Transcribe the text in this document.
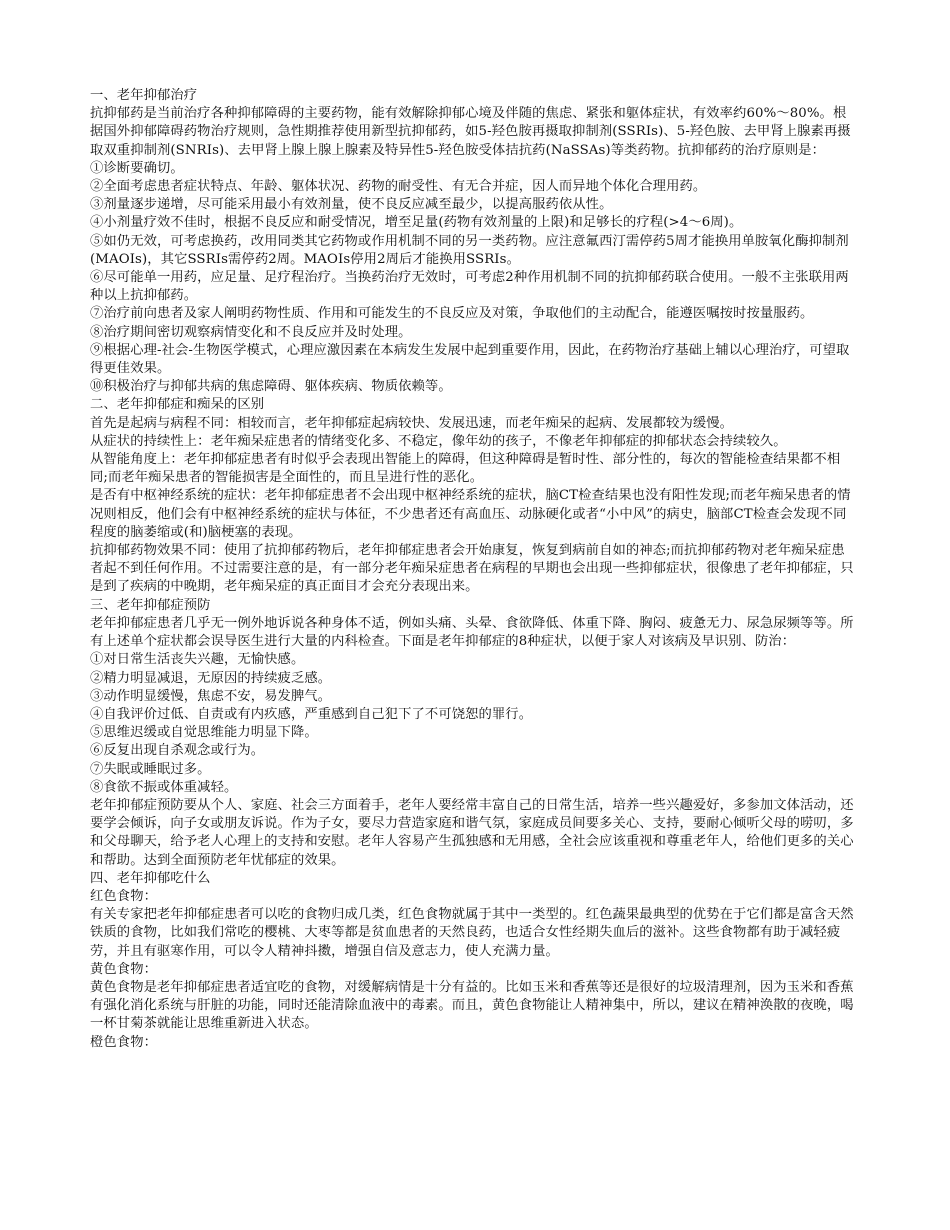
一、老年抑郁治疗

抗抑郁药是当前治疗各种抑郁障碍的主要药物，能有效解除抑郁心境及伴随的焦虑、紧张和躯体症状，有效率约60%～80%。根据国外抑郁障碍药物治疗规则，急性期推荐使用新型抗抑郁药，如5-羟色胺再摄取抑制剂(SSRIs)、5-羟色胺、去甲肾上腺素再摄取双重抑制剂(SNRIs)、去甲肾上腺上腺上腺素及特异性5-羟色胺受体拮抗药(NaSSAs)等类药物。抗抑郁药的治疗原则是：

①诊断要确切。

②全面考虑患者症状特点、年龄、躯体状况、药物的耐受性、有无合并症，因人而异地个体化合理用药。

③剂量逐步递增，尽可能采用最小有效剂量，使不良反应减至最少，以提高服药依从性。

④小剂量疗效不佳时，根据不良反应和耐受情况，增至足量(药物有效剂量的上限)和足够长的疗程(>4～6周)。

⑤如仍无效，可考虑换药，改用同类其它药物或作用机制不同的另一类药物。应注意氟西汀需停药5周才能换用单胺氧化酶抑制剂(MAOIs)，其它SSRIs需停药2周。MAOIs停用2周后才能换用SSRIs。

⑥尽可能单一用药，应足量、足疗程治疗。当换药治疗无效时，可考虑2种作用机制不同的抗抑郁药联合使用。一般不主张联用两种以上抗抑郁药。

⑦治疗前向患者及家人阐明药物性质、作用和可能发生的不良反应及对策，争取他们的主动配合，能遵医嘱按时按量服药。

⑧治疗期间密切观察病情变化和不良反应并及时处理。

⑨根据心理-社会-生物医学模式，心理应激因素在本病发生发展中起到重要作用，因此，在药物治疗基础上辅以心理治疗，可望取得更佳效果。

⑩积极治疗与抑郁共病的焦虑障碍、躯体疾病、物质依赖等。

二、老年抑郁症和痴呆的区别

首先是起病与病程不同：相较而言，老年抑郁症起病较快、发展迅速，而老年痴呆的起病、发展都较为缓慢。

从症状的持续性上：老年痴呆症患者的情绪变化多、不稳定，像年幼的孩子，不像老年抑郁症的抑郁状态会持续较久。

从智能角度上：老年抑郁症患者有时似乎会表现出智能上的障碍，但这种障碍是暂时性、部分性的，每次的智能检查结果都不相同;而老年痴呆患者的智能损害是全面性的，而且呈进行性的恶化。

是否有中枢神经系统的症状：老年抑郁症患者不会出现中枢神经系统的症状，脑CT检查结果也没有阳性发现;而老年痴呆患者的情况则相反，他们会有中枢神经系统的症状与体征，不少患者还有高血压、动脉硬化或者“小中风”的病史，脑部CT检查会发现不同程度的脑萎缩或(和)脑梗塞的表现。

抗抑郁药物效果不同：使用了抗抑郁药物后，老年抑郁症患者会开始康复，恢复到病前自如的神态;而抗抑郁药物对老年痴呆症患者起不到任何作用。不过需要注意的是，有一部分老年痴呆症患者在病程的早期也会出现一些抑郁症状，很像患了老年抑郁症，只是到了疾病的中晚期，老年痴呆症的真正面目才会充分表现出来。

三、老年抑郁症预防

老年抑郁症患者几乎无一例外地诉说各种身体不适，例如头痛、头晕、食欲降低、体重下降、胸闷、疲惫无力、尿急尿频等等。所有上述单个症状都会误导医生进行大量的内科检查。下面是老年抑郁症的8种症状，以便于家人对该病及早识别、防治：

①对日常生活丧失兴趣，无愉快感。

②精力明显减退，无原因的持续疲乏感。

③动作明显缓慢，焦虑不安，易发脾气。

④自我评价过低、自责或有内疚感，严重感到自己犯下了不可饶恕的罪行。

⑤思维迟缓或自觉思维能力明显下降。

⑥反复出现自杀观念或行为。

⑦失眠或睡眠过多。

⑧食欲不振或体重减轻。

老年抑郁症预防要从个人、家庭、社会三方面着手，老年人要经常丰富自己的日常生活，培养一些兴趣爱好，多参加文体活动，还要学会倾诉，向子女或朋友诉说。作为子女，要尽力营造家庭和谐气氛，家庭成员间要多关心、支持，要耐心倾听父母的唠叨，多和父母聊天，给予老人心理上的支持和安慰。老年人容易产生孤独感和无用感，全社会应该重视和尊重老年人，给他们更多的关心和帮助。达到全面预防老年忧郁症的效果。

四、老年抑郁吃什么

红色食物：

有关专家把老年抑郁症患者可以吃的食物归成几类，红色食物就属于其中一类型的。红色蔬果最典型的优势在于它们都是富含天然铁质的食物，比如我们常吃的樱桃、大枣等都是贫血患者的天然良药，也适合女性经期失血后的滋补。这些食物都有助于减轻疲劳，并且有驱寒作用，可以令人精神抖擞，增强自信及意志力，使人充满力量。

黄色食物：

黄色食物是老年抑郁症患者适宜吃的食物，对缓解病情是十分有益的。比如玉米和香蕉等还是很好的垃圾清理剂，因为玉米和香蕉有强化消化系统与肝脏的功能，同时还能清除血液中的毒素。而且，黄色食物能让人精神集中，所以，建议在精神涣散的夜晚，喝一杯甘菊茶就能让思维重新进入状态。

橙色食物：
